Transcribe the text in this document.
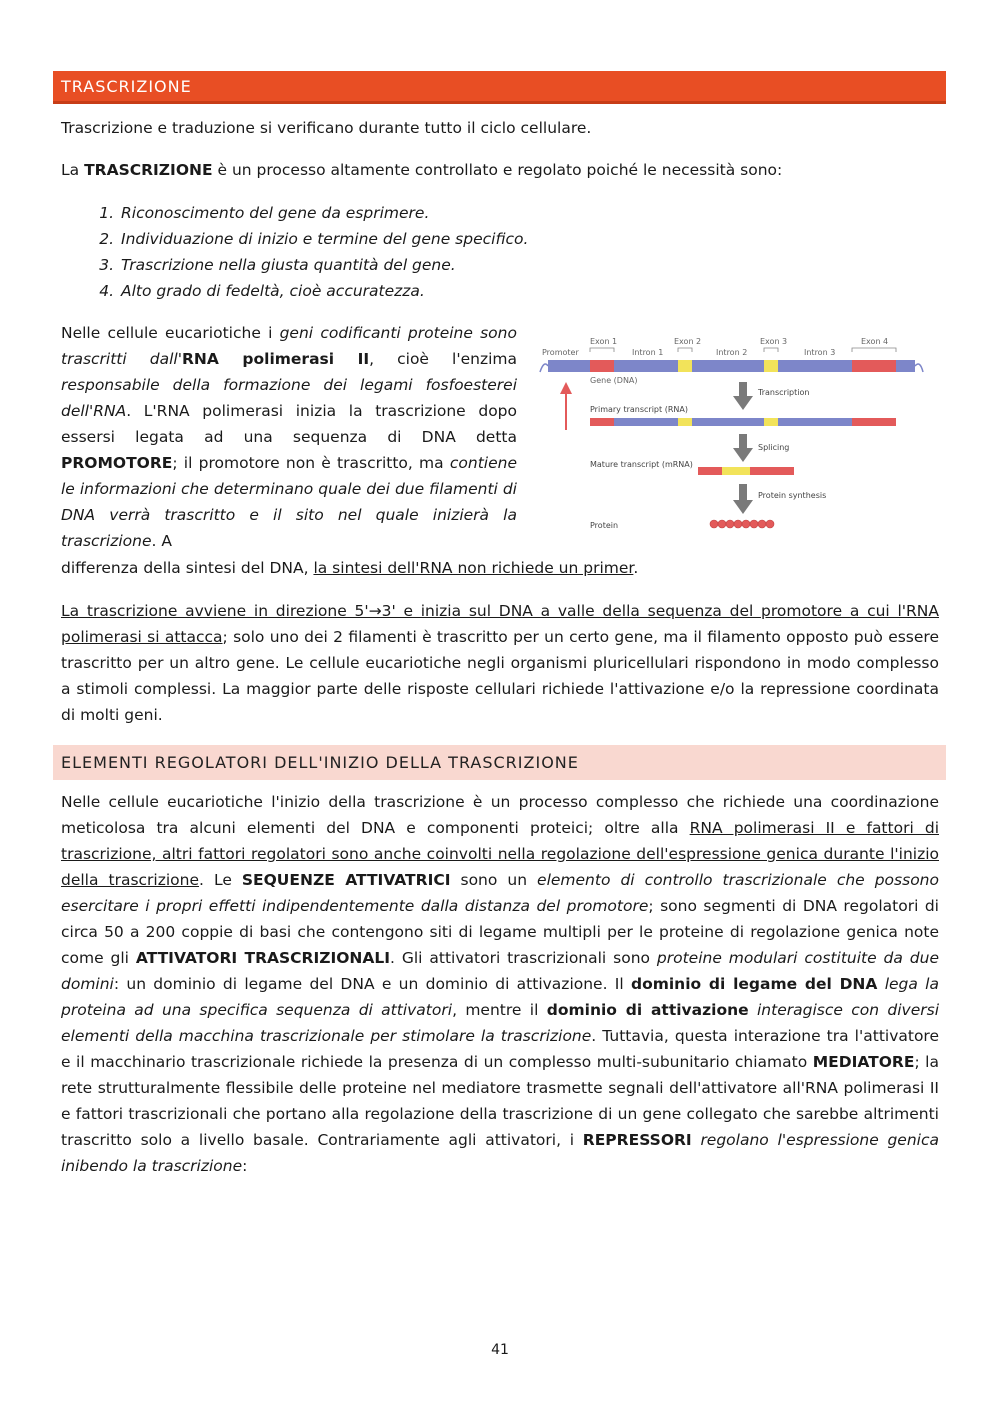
TRASCRIZIONE

Trascrizione e traduzione si verificano durante tutto il ciclo cellulare.

La TRASCRIZIONE è un processo altamente controllato e regolato poiché le necessità sono:

1. Riconoscimento del gene da esprimere.
2. Individuazione di inizio e termine del gene specifico.
3. Trascrizione nella giusta quantità del gene.
4. Alto grado di fedeltà, cioè accuratezza.

Nelle cellule eucariotiche i geni codificanti proteine sono trascritti dall'RNA polimerasi II, cioè l'enzima responsabile della formazione dei legami fosfoesterei dell'RNA. L'RNA polimerasi inizia la trascrizione dopo essersi legata ad una sequenza di DNA detta PROMOTORE; il promotore non è trascritto, ma contiene le informazioni che determinano quale dei due filamenti di DNA verrà trascritto e il sito nel quale inizierà la trascrizione. A

differenza della sintesi del DNA, la sintesi dell'RNA non richiede un primer.

Exon 1	Exon 2	Exon 3	Exon 4
Promoter	Intron 1	Intron 2	Intron 3
Gene (DNA)
Transcription
Primary transcript (RNA)
Splicing
Mature transcript (mRNA)
Protein synthesis
Protein

La trascrizione avviene in direzione 5'→3' e inizia sul DNA a valle della sequenza del promotore a cui l'RNA polimerasi si attacca; solo uno dei 2 filamenti è trascritto per un certo gene, ma il filamento opposto può essere trascritto per un altro gene. Le cellule eucariotiche negli organismi pluricellulari rispondono in modo complesso a stimoli complessi. La maggior parte delle risposte cellulari richiede l'attivazione e/o la repressione coordinata di molti geni.

ELEMENTI REGOLATORI DELL'INIZIO DELLA TRASCRIZIONE

Nelle cellule eucariotiche l'inizio della trascrizione è un processo complesso che richiede una coordinazione meticolosa tra alcuni elementi del DNA e componenti proteici; oltre alla RNA polimerasi II e fattori di trascrizione, altri fattori regolatori sono anche coinvolti nella regolazione dell'espressione genica durante l'inizio della trascrizione. Le SEQUENZE ATTIVATRICI sono un elemento di controllo trascrizionale che possono esercitare i propri effetti indipendentemente dalla distanza del promotore; sono segmenti di DNA regolatori di circa 50 a 200 coppie di basi che contengono siti di legame multipli per le proteine di regolazione genica note come gli ATTIVATORI TRASCRIZIONALI. Gli attivatori trascrizionali sono proteine modulari costituite da due domini: un dominio di legame del DNA e un dominio di attivazione. Il dominio di legame del DNA lega la proteina ad una specifica sequenza di attivatori, mentre il dominio di attivazione interagisce con diversi elementi della macchina trascrizionale per stimolare la trascrizione. Tuttavia, questa interazione tra l'attivatore e il macchinario trascrizionale richiede la presenza di un complesso multi-subunitario chiamato MEDIATORE; la rete strutturalmente flessibile delle proteine nel mediatore trasmette segnali dell'attivatore all'RNA polimerasi II e fattori trascrizionali che portano alla regolazione della trascrizione di un gene collegato che sarebbe altrimenti trascritto solo a livello basale. Contrariamente agli attivatori, i REPRESSORI regolano l'espressione genica inibendo la trascrizione:

41
